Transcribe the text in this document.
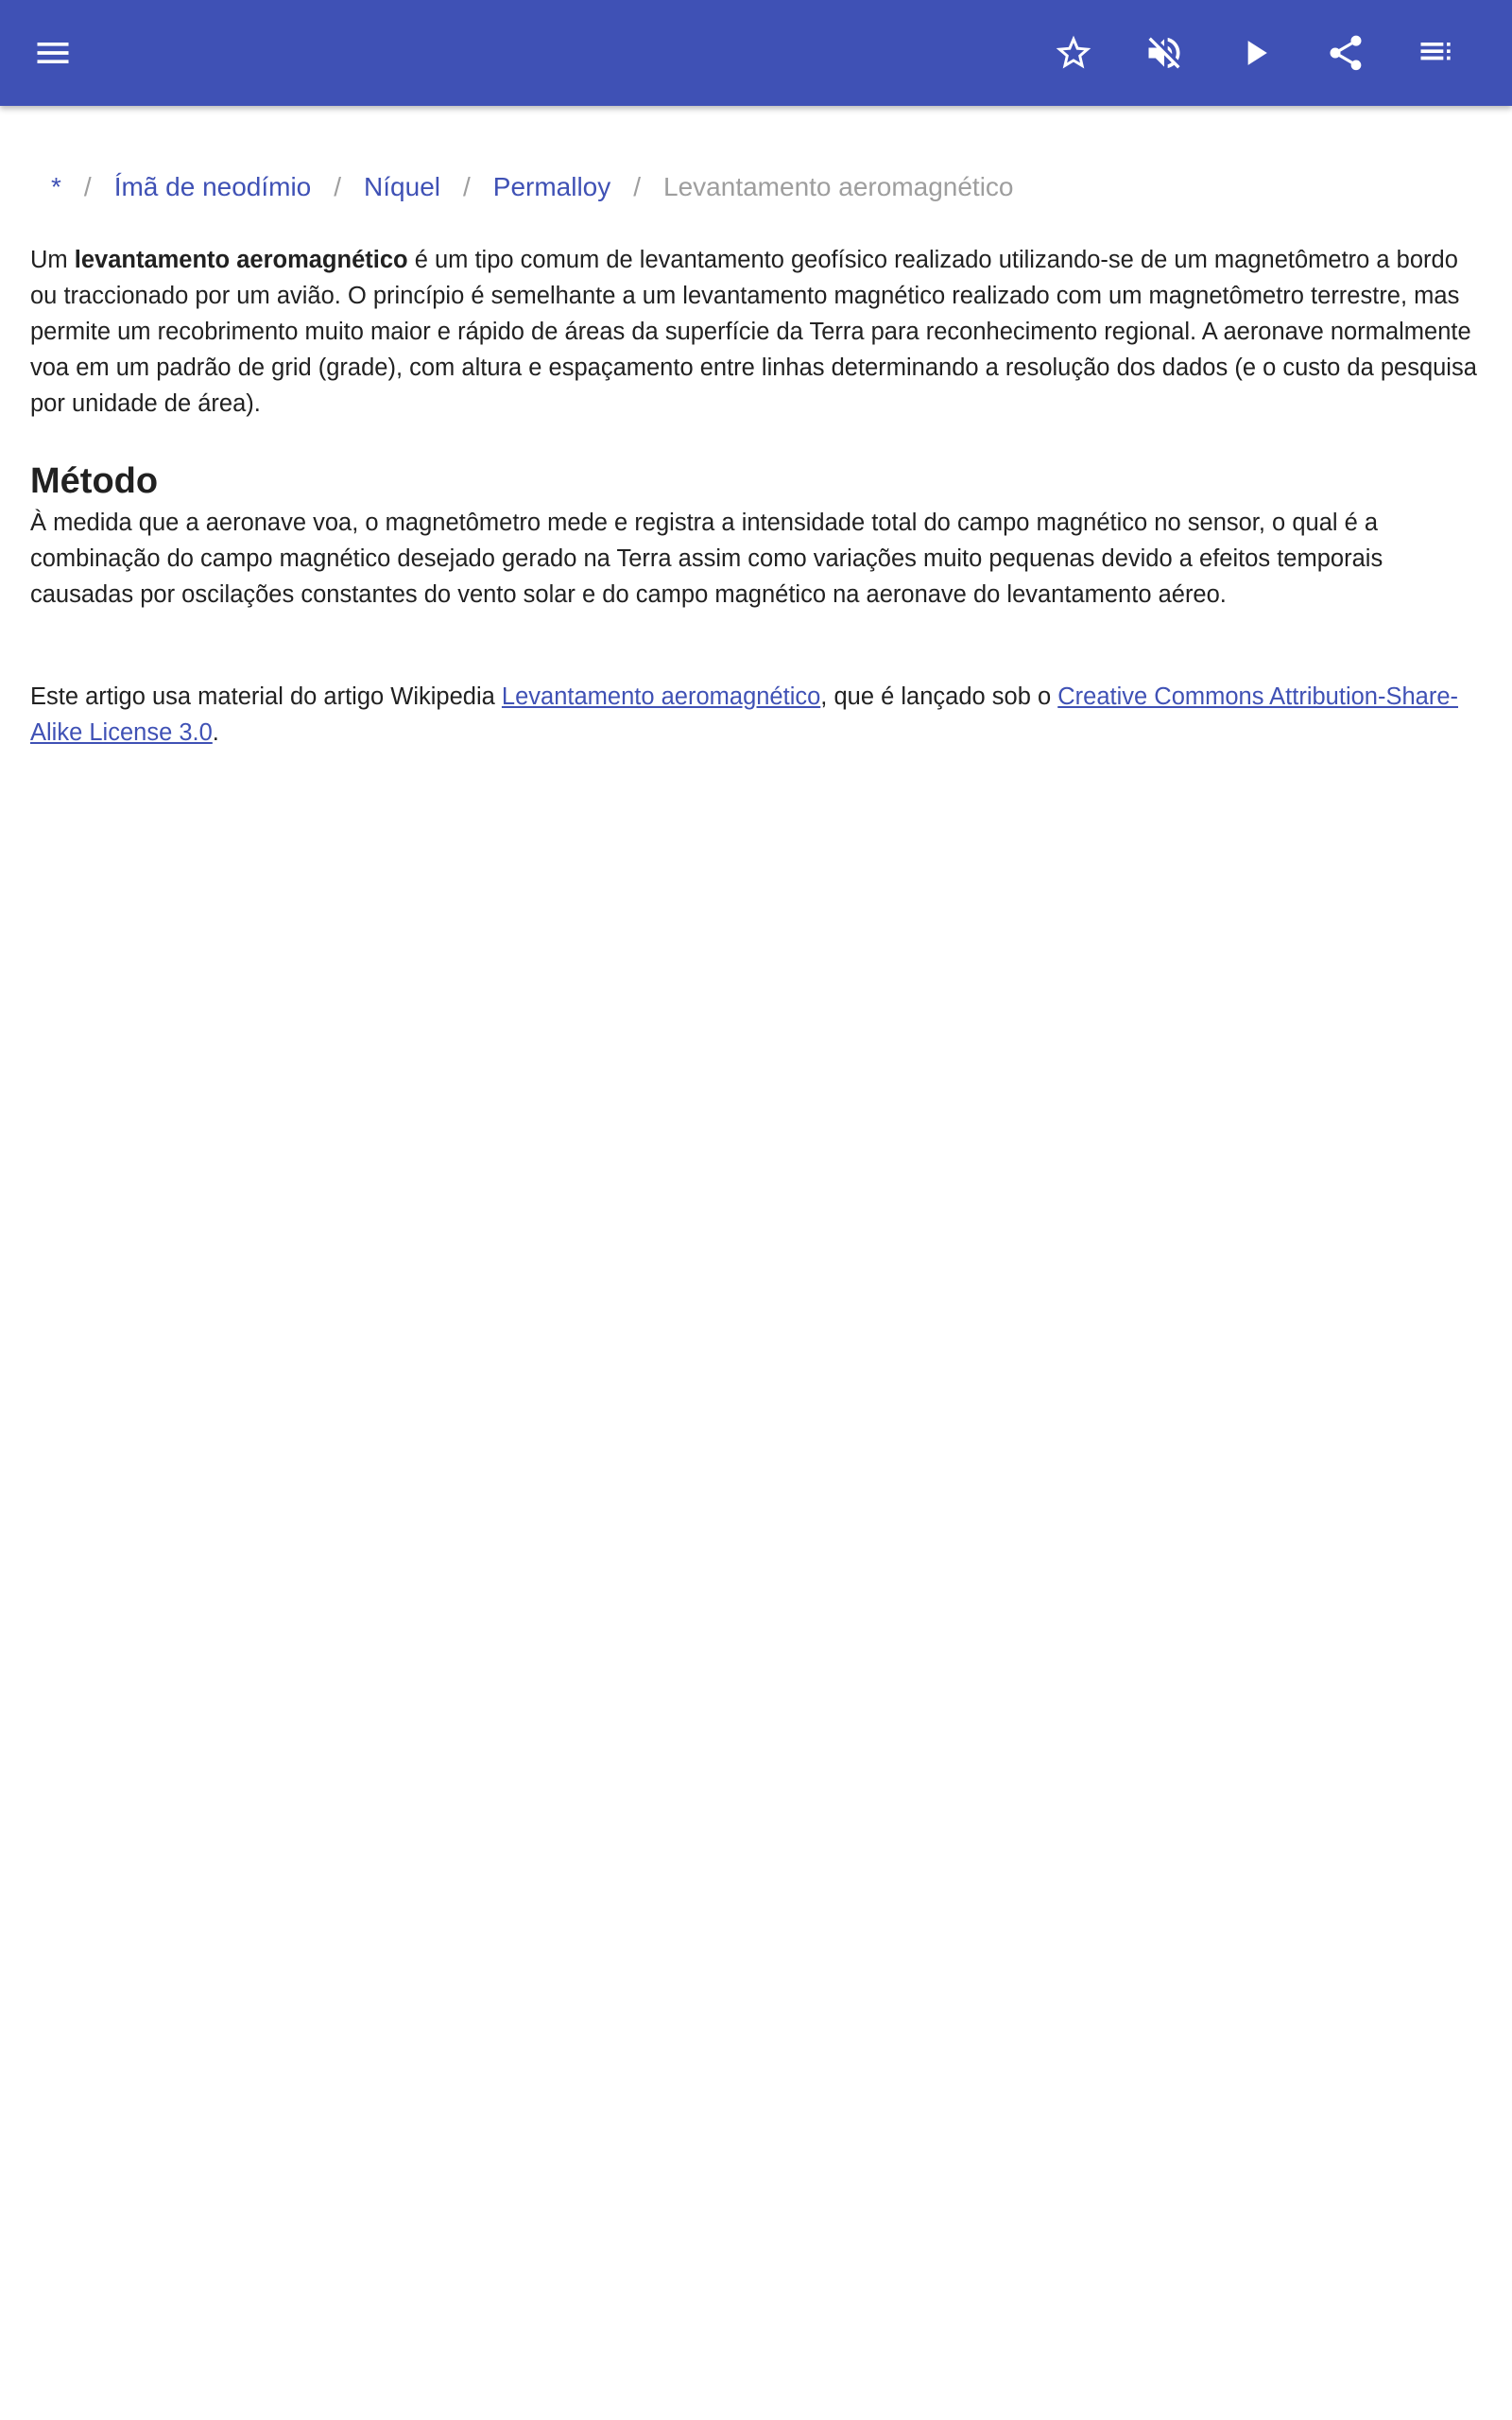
* / Ímã de neodímio / Níquel / Permalloy / Levantamento aeromagnético

Um levantamento aeromagnético é um tipo comum de levantamento geofísico realizado utilizando-se de um magnetômetro a bordo ou traccionado por um avião. O princípio é semelhante a um levantamento magnético realizado com um magnetômetro terrestre, mas permite um recobrimento muito maior e rápido de áreas da superfície da Terra para reconhecimento regional. A aeronave normalmente voa em um padrão de grid (grade), com altura e espaçamento entre linhas determinando a resolução dos dados (e o custo da pesquisa por unidade de área).

Método

À medida que a aeronave voa, o magnetômetro mede e registra a intensidade total do campo magnético no sensor, o qual é a combinação do campo magnético desejado gerado na Terra assim como variações muito pequenas devido a efeitos temporais causadas por oscilações constantes do vento solar e do campo magnético na aeronave do levantamento aéreo.

Este artigo usa material do artigo Wikipedia Levantamento aeromagnético, que é lançado sob o Creative Commons Attribution-Share-Alike License 3.0.
